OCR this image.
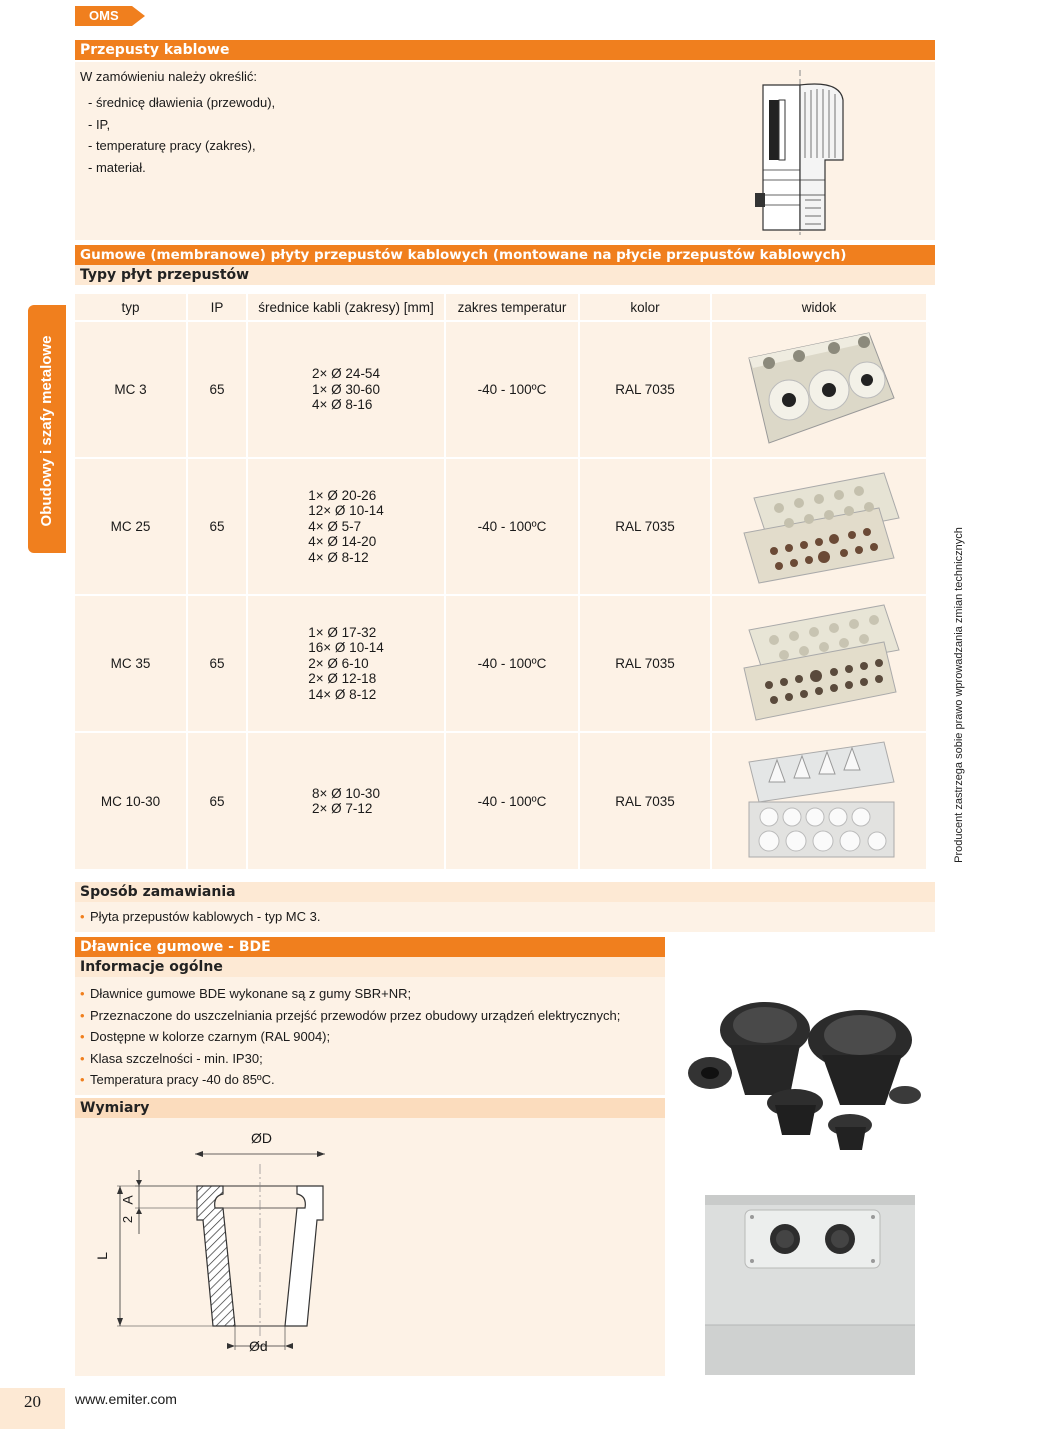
OMS
Obudowy i szafy metalowe
Producent zastrzega sobie prawo wprowadzania zmian technicznych
Przepusty kablowe
W zamówieniu należy określić:
- średnicę dławienia (przewodu),
- IP,
- temperaturę pracy (zakres),
- materiał.
Gumowe (membranowe) płyty przepustów kablowych (montowane na płycie przepustów kablowych)
Typy płyt przepustów
typ	IP	średnice kabli (zakresy) [mm]	zakres temperatur	kolor	widok
MC 3	65	2× Ø 24-54
1× Ø 30-60
4× Ø 8-16	-40 - 100ºC	RAL 7035	
MC 25	65	1× Ø 20-26
12× Ø 10-14
4× Ø 5-7
4× Ø 14-20
4× Ø 8-12	-40 - 100ºC	RAL 7035	
MC 35	65	1× Ø 17-32
16× Ø 10-14
2× Ø 6-10
2× Ø 12-18
14× Ø 8-12	-40 - 100ºC	RAL 7035	
MC 10-30	65	8× Ø 10-30
2× Ø 7-12	-40 - 100ºC	RAL 7035	
Sposób zamawiania
• Płyta przepustów kablowych - typ MC 3.
Dławnice gumowe - BDE
Informacje ogólne
• Dławnice gumowe BDE wykonane są z gumy SBR+NR;
• Przeznaczone do uszczelniania przejść przewodów przez obudowy urządzeń elektrycznych;
• Dostępne w kolorze czarnym (RAL 9004);
• Klasa szczelności - min. IP30;
• Temperatura pracy -40 do 85ºC.
Wymiary
ØD
Ød
L
A
2
20	www.emiter.com
